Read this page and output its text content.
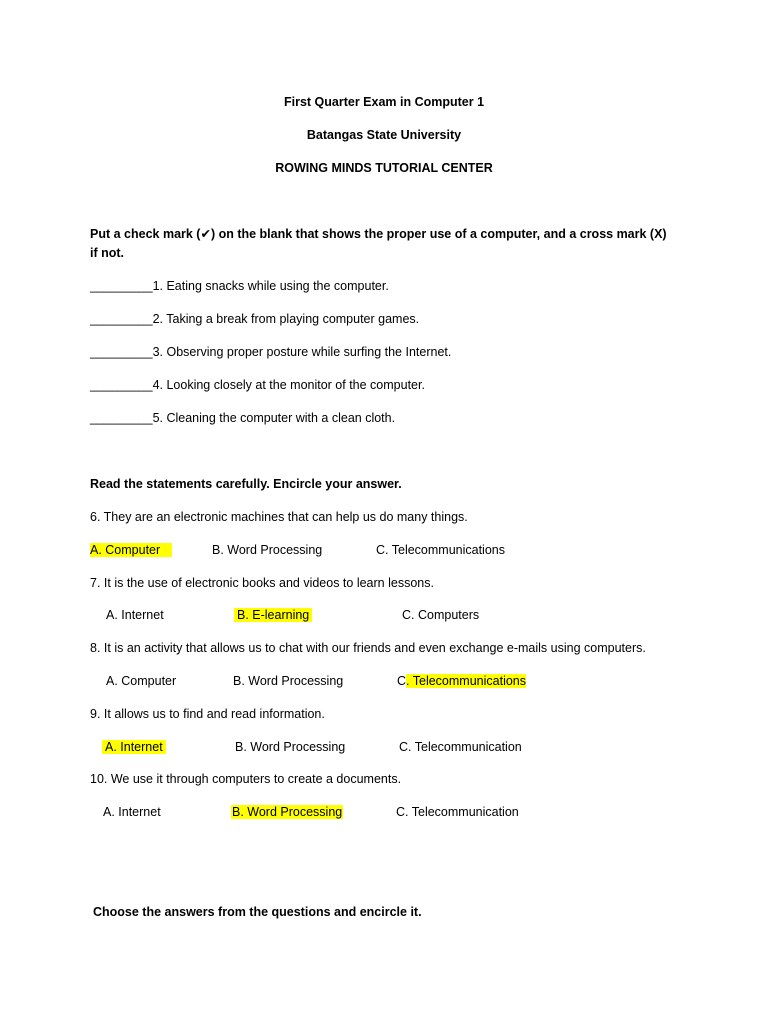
First Quarter Exam in Computer 1
Batangas State University
ROWING MINDS TUTORIAL CENTER
Put a check mark (✔) on the blank that shows the proper use of a computer, and a cross mark (X) if not.
_________1. Eating snacks while using the computer.
_________2. Taking a break from playing computer games.
_________3. Observing proper posture while surfing the Internet.
_________4. Looking closely at the monitor of the computer.
_________5. Cleaning the computer with a clean cloth.
Read the statements carefully. Encircle your answer.
6. They are an electronic machines that can help us do many things.
A. Computer	B. Word Processing	C. Telecommunications
7. It is the use of electronic books and videos to learn lessons.
A. Internet	B. E-learning	C. Computers
8. It is an activity that allows us to chat with our friends and even exchange e-mails using computers.
A. Computer	B. Word Processing	C. Telecommunications
9. It allows us to find and read information.
A. Internet	B. Word Processing	C. Telecommunication
10. We use it through computers to create a documents.
A. Internet	B. Word Processing	C. Telecommunication
Choose the answers from the questions and encircle it.
